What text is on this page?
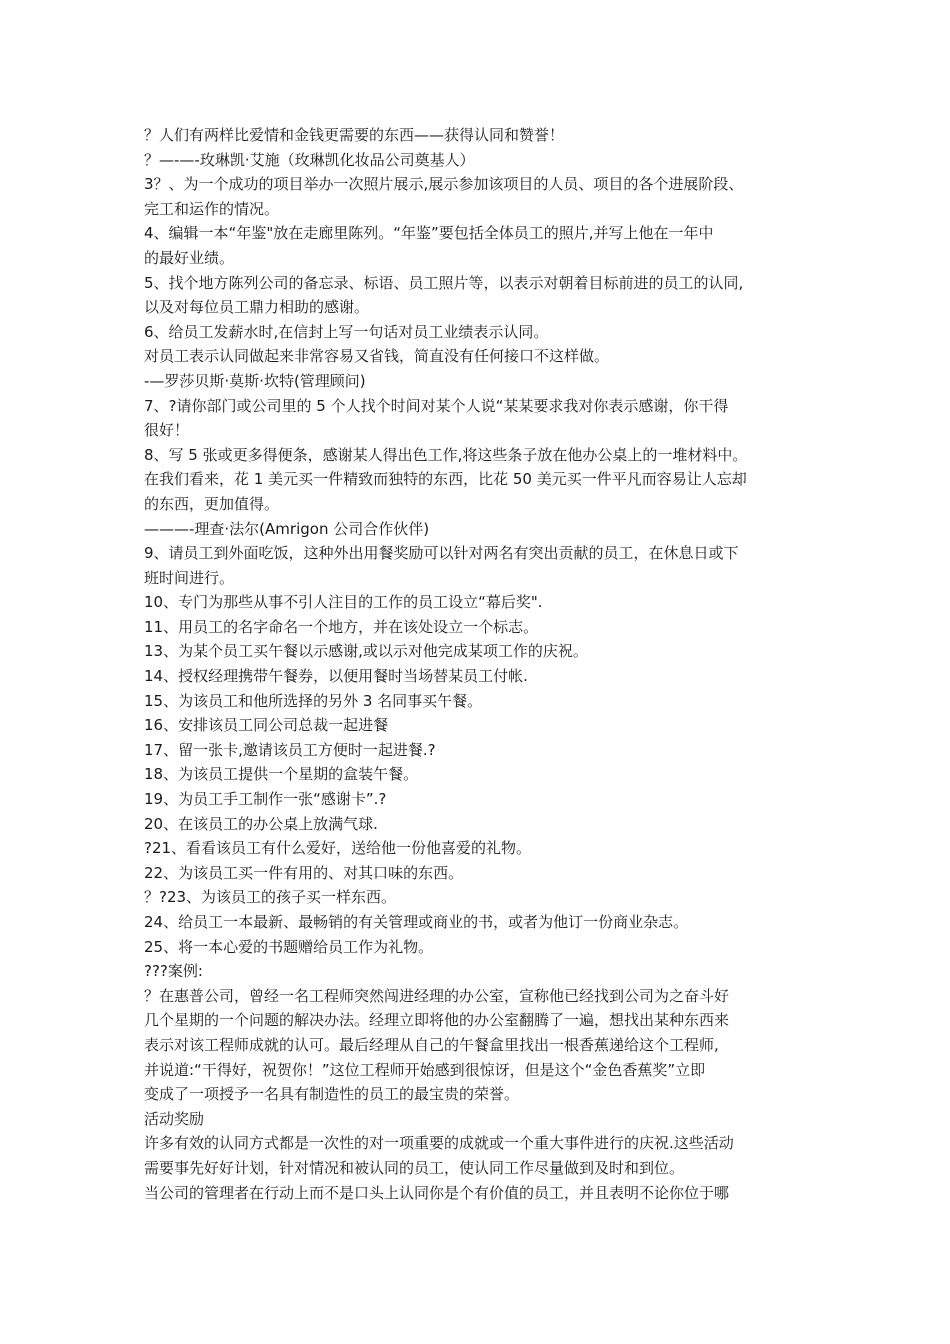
？人们有两样比爱情和金钱更需要的东西——获得认同和赞誉！
？—-—-玫琳凯·艾施（玫琳凯化妆品公司奠基人）
3？、为一个成功的项目举办一次照片展示,展示参加该项目的人员、项目的各个进展阶段、
完工和运作的情况。
4、编辑一本“年鉴"放在走廊里陈列。“年鉴”要包括全体员工的照片,并写上他在一年中
的最好业绩。
5、找个地方陈列公司的备忘录、标语、员工照片等，以表示对朝着目标前进的员工的认同,
以及对每位员工鼎力相助的感谢。
6、给员工发薪水时,在信封上写一句话对员工业绩表示认同。
对员工表示认同做起来非常容易又省钱，简直没有任何接口不这样做。
-—罗莎贝斯·莫斯·坎特(管理顾问)
7、?请你部门或公司里的 5 个人找个时间对某个人说“某某要求我对你表示感谢，你干得
很好！
8、写 5 张或更多得便条，感谢某人得出色工作,将这些条子放在他办公桌上的一堆材料中。
在我们看来，花 1 美元买一件精致而独特的东西，比花 50 美元买一件平凡而容易让人忘却
的东西，更加值得。
———-理查·法尔(Amrigon 公司合作伙伴)
9、请员工到外面吃饭，这种外出用餐奖励可以针对两名有突出贡献的员工，在休息日或下
班时间进行。
10、专门为那些从事不引人注目的工作的员工设立“幕后奖".
11、用员工的名字命名一个地方，并在该处设立一个标志。
13、为某个员工买午餐以示感谢,或以示对他完成某项工作的庆祝。
14、授权经理携带午餐券，以便用餐时当场替某员工付帐.
15、为该员工和他所选择的另外 3 名同事买午餐。
16、安排该员工同公司总裁一起进餐
17、留一张卡,邀请该员工方便时一起进餐.?
18、为该员工提供一个星期的盒装午餐。
19、为员工手工制作一张“感谢卡”.?
20、在该员工的办公桌上放满气球.
?21、看看该员工有什么爱好，送给他一份他喜爱的礼物。
22、为该员工买一件有用的、对其口味的东西。
？?23、为该员工的孩子买一样东西。
24、给员工一本最新、最畅销的有关管理或商业的书，或者为他订一份商业杂志。
25、将一本心爱的书题赠给员工作为礼物。
???案例:
？在惠普公司，曾经一名工程师突然闯进经理的办公室，宣称他已经找到公司为之奋斗好
几个星期的一个问题的解决办法。经理立即将他的办公室翻腾了一遍，想找出某种东西来
表示对该工程师成就的认可。最后经理从自己的午餐盒里找出一根香蕉递给这个工程师,
并说道:“干得好，祝贺你！”这位工程师开始感到很惊讶，但是这个“金色香蕉奖”立即
变成了一项授予一名具有制造性的员工的最宝贵的荣誉。
活动奖励
许多有效的认同方式都是一次性的对一项重要的成就或一个重大事件进行的庆祝.这些活动
需要事先好好计划，针对情况和被认同的员工，使认同工作尽量做到及时和到位。
当公司的管理者在行动上而不是口头上认同你是个有价值的员工，并且表明不论你位于哪
